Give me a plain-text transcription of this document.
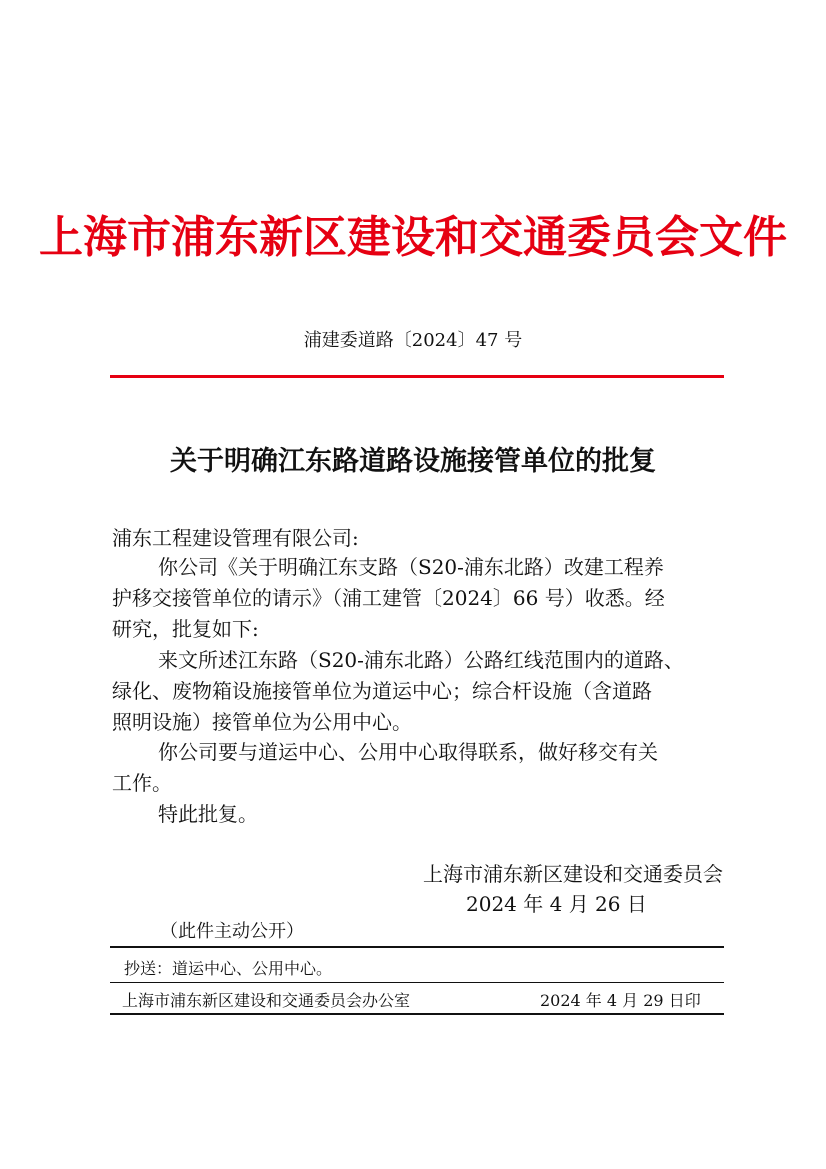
上海市浦东新区建设和交通委员会文件
浦建委道路〔2024〕47 号
关于明确江东路道路设施接管单位的批复
浦东工程建设管理有限公司:
你公司《关于明确江东支路（S20-浦东北路）改建工程养
护移交接管单位的请示》（浦工建管〔2024〕66 号）收悉。经
研究，批复如下:
来文所述江东路（S20-浦东北路）公路红线范围内的道路、
绿化、废物箱设施接管单位为道运中心；综合杆设施（含道路
照明设施）接管单位为公用中心。
你公司要与道运中心、公用中心取得联系，做好移交有关
工作。
特此批复。
上海市浦东新区建设和交通委员会
2024 年 4 月 26 日
（此件主动公开）
抄送：道运中心、公用中心。
上海市浦东新区建设和交通委员会办公室	2024 年 4 月 29 日印
